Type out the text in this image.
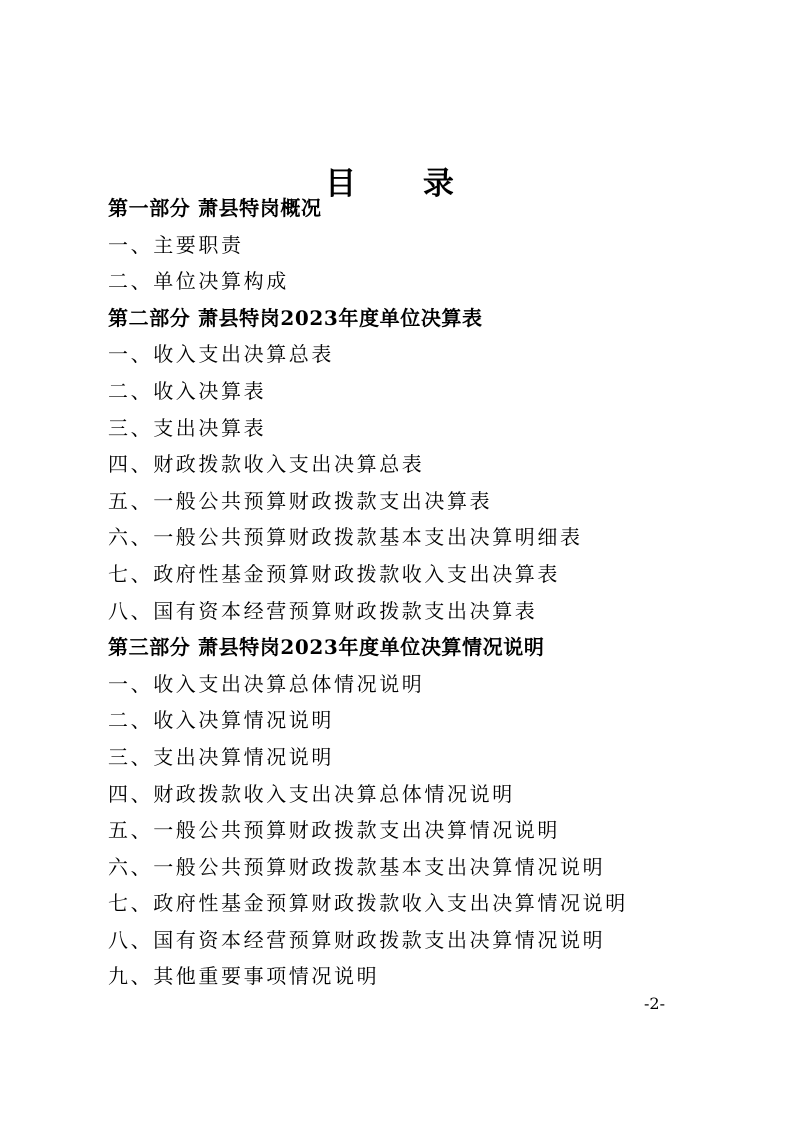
目 录
第一部分 萧县特岗概况
一、主要职责
二、单位决算构成
第二部分 萧县特岗2023年度单位决算表
一、收入支出决算总表
二、收入决算表
三、支出决算表
四、财政拨款收入支出决算总表
五、一般公共预算财政拨款支出决算表
六、一般公共预算财政拨款基本支出决算明细表
七、政府性基金预算财政拨款收入支出决算表
八、国有资本经营预算财政拨款支出决算表
第三部分 萧县特岗2023年度单位决算情况说明
一、收入支出决算总体情况说明
二、收入决算情况说明
三、支出决算情况说明
四、财政拨款收入支出决算总体情况说明
五、一般公共预算财政拨款支出决算情况说明
六、一般公共预算财政拨款基本支出决算情况说明
七、政府性基金预算财政拨款收入支出决算情况说明
八、国有资本经营预算财政拨款支出决算情况说明
九、其他重要事项情况说明
-2-
